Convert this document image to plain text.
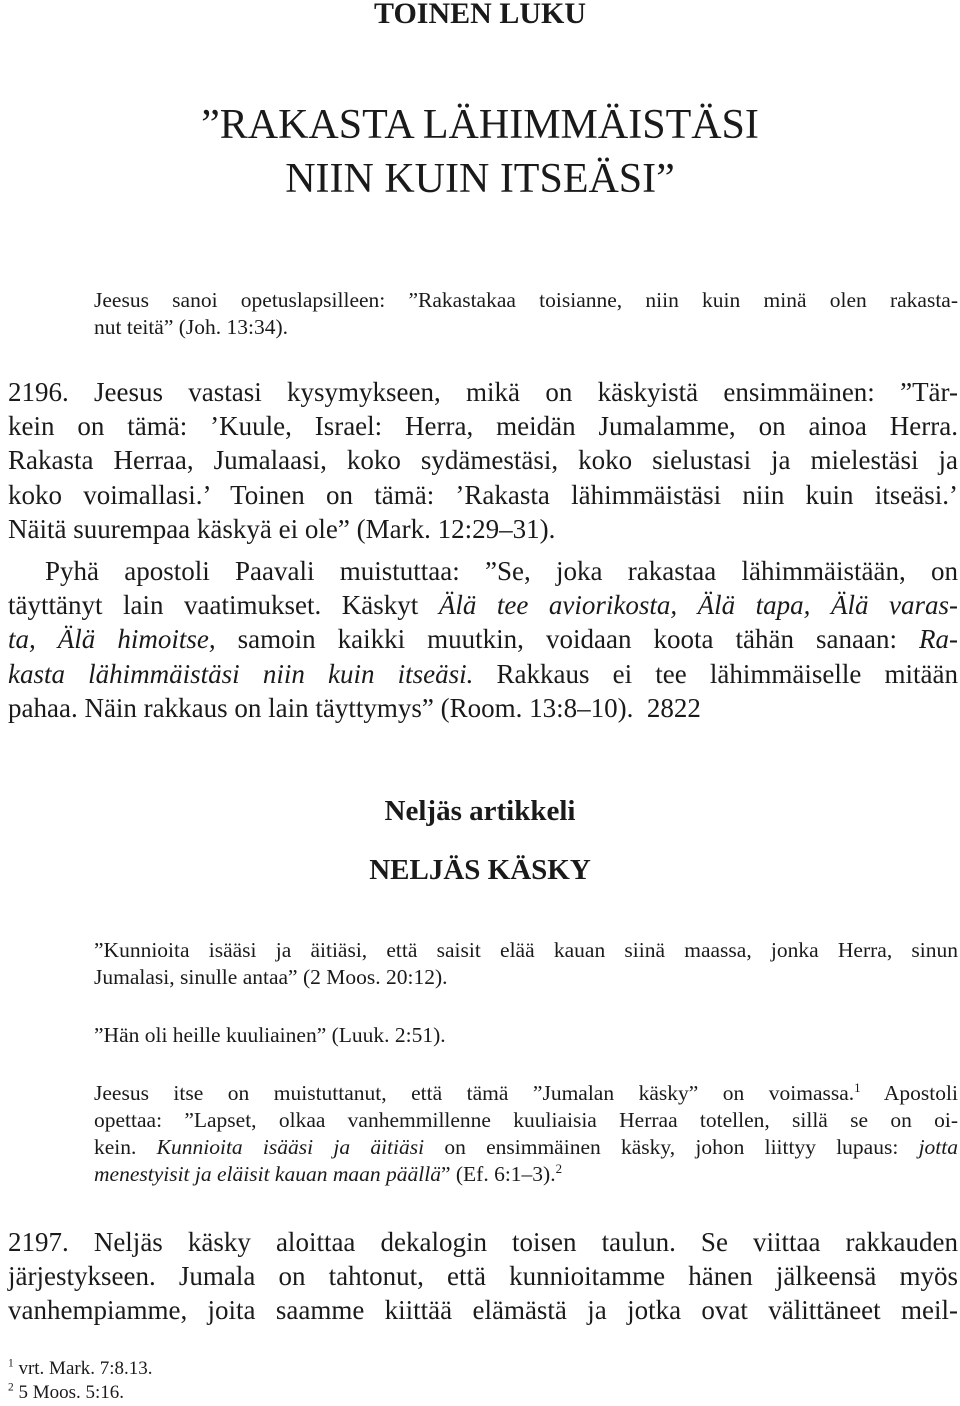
TOINEN LUKU
”RAKASTA LÄHIMMÄISTÄSI
NIIN KUIN ITSEÄSI”
Jeesus sanoi opetuslapsilleen: ”Rakastakaa toisianne, niin kuin minä olen rakasta-
nut teitä” (Joh. 13:34).
2196. Jeesus vastasi kysymykseen, mikä on käskyistä ensimmäinen: ”Tär-
kein on tämä: ’Kuule, Israel: Herra, meidän Jumalamme, on ainoa Herra.
Rakasta Herraa, Jumalaasi, koko sydämestäsi, koko sielustasi ja mielestäsi ja
koko voimallasi.’ Toinen on tämä: ’Rakasta lähimmäistäsi niin kuin itseäsi.’
Näitä suurempaa käskyä ei ole” (Mark. 12:29–31).
Pyhä apostoli Paavali muistuttaa: ”Se, joka rakastaa lähimmäistään, on
täyttänyt lain vaatimukset. Käskyt Älä tee aviorikosta, Älä tapa, Älä varas-
ta, Älä himoitse, samoin kaikki muutkin, voidaan koota tähän sanaan: Ra-
kasta lähimmäistäsi niin kuin itseäsi. Rakkaus ei tee lähimmäiselle mitään
pahaa. Näin rakkaus on lain täyttymys” (Room. 13:8–10). 2822
Neljäs artikkeli
NELJÄS KÄSKY
”Kunnioita isääsi ja äitiäsi, että saisit elää kauan siinä maassa, jonka Herra, sinun
Jumalasi, sinulle antaa” (2 Moos. 20:12).
”Hän oli heille kuuliainen” (Luuk. 2:51).
Jeesus itse on muistuttanut, että tämä ”Jumalan käsky” on voimassa.$^1$ Apostoli
opettaa: ”Lapset, olkaa vanhemmillenne kuuliaisia Herraa totellen, sillä se on oi-
kein. Kunnioita isääsi ja äitiäsi on ensimmäinen käsky, johon liittyy lupaus: jotta
menestyisit ja eläisit kauan maan päällä” (Ef. 6:1–3).$^2$
2197. Neljäs käsky aloittaa dekalogin toisen taulun. Se viittaa rakkauden
järjestykseen. Jumala on tahtonut, että kunnioitamme hänen jälkeensä myös
vanhempiamme, joita saamme kiittää elämästä ja jotka ovat välittäneet meil-
$^1$ vrt. Mark. 7:8.13.
$^2$ 5 Moos. 5:16.
